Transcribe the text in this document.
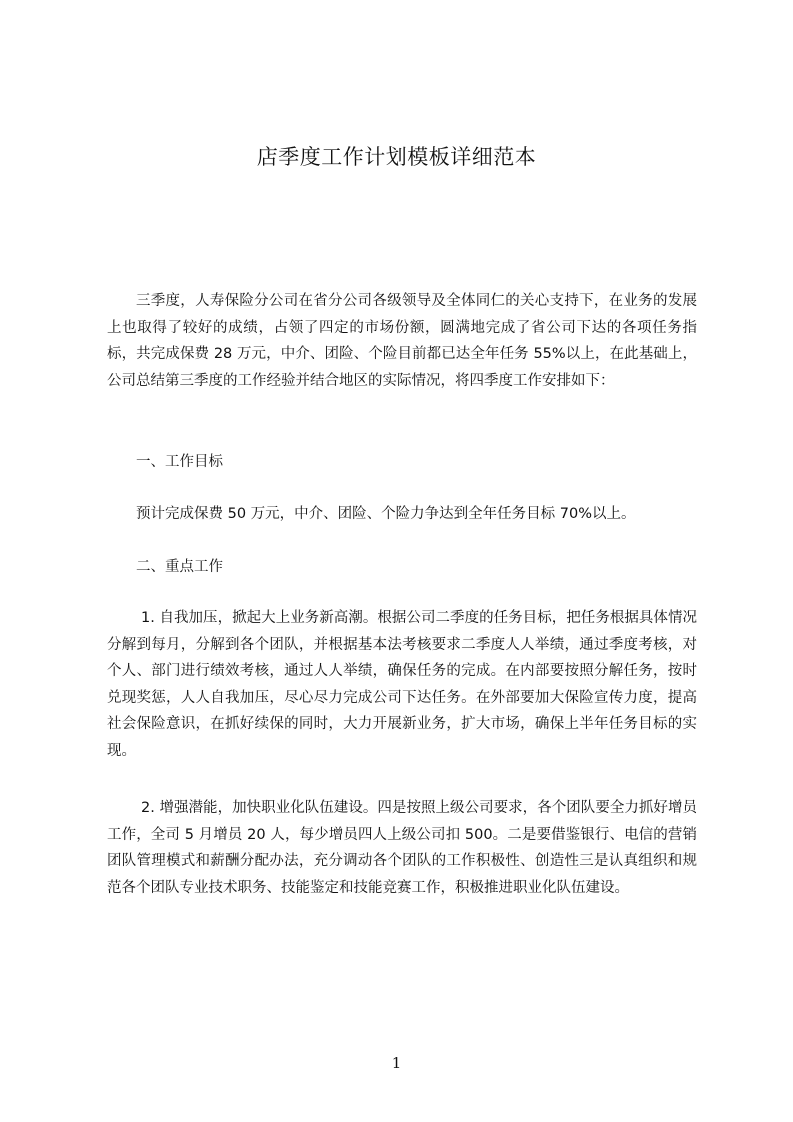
店季度工作计划模板详细范本

三季度，人寿保险分公司在省分公司各级领导及全体同仁的关心支持下，在业务的发展上也取得了较好的成绩，占领了四定的市场份额，圆满地完成了省公司下达的各项任务指标，共完成保费 28 万元，中介、团险、个险目前都已达全年任务 55%以上，在此基础上，公司总结第三季度的工作经验并结合地区的实际情况，将四季度工作安排如下：

一、工作目标

预计完成保费 50 万元，中介、团险、个险力争达到全年任务目标 70%以上。

二、重点工作

1. 自我加压，掀起大上业务新高潮。根据公司二季度的任务目标，把任务根据具体情况分解到每月，分解到各个团队，并根据基本法考核要求二季度人人举绩，通过季度考核，对个人、部门进行绩效考核，通过人人举绩，确保任务的完成。在内部要按照分解任务，按时兑现奖惩，人人自我加压，尽心尽力完成公司下达任务。在外部要加大保险宣传力度，提高社会保险意识，在抓好续保的同时，大力开展新业务，扩大市场，确保上半年任务目标的实现。

2. 增强潜能，加快职业化队伍建设。四是按照上级公司要求，各个团队要全力抓好增员工作，全司 5 月增员 20 人，每少增员四人上级公司扣 500。二是要借鉴银行、电信的营销团队管理模式和薪酬分配办法，充分调动各个团队的工作积极性、创造性三是认真组织和规范各个团队专业技术职务、技能鉴定和技能竞赛工作，积极推进职业化队伍建设。

1
